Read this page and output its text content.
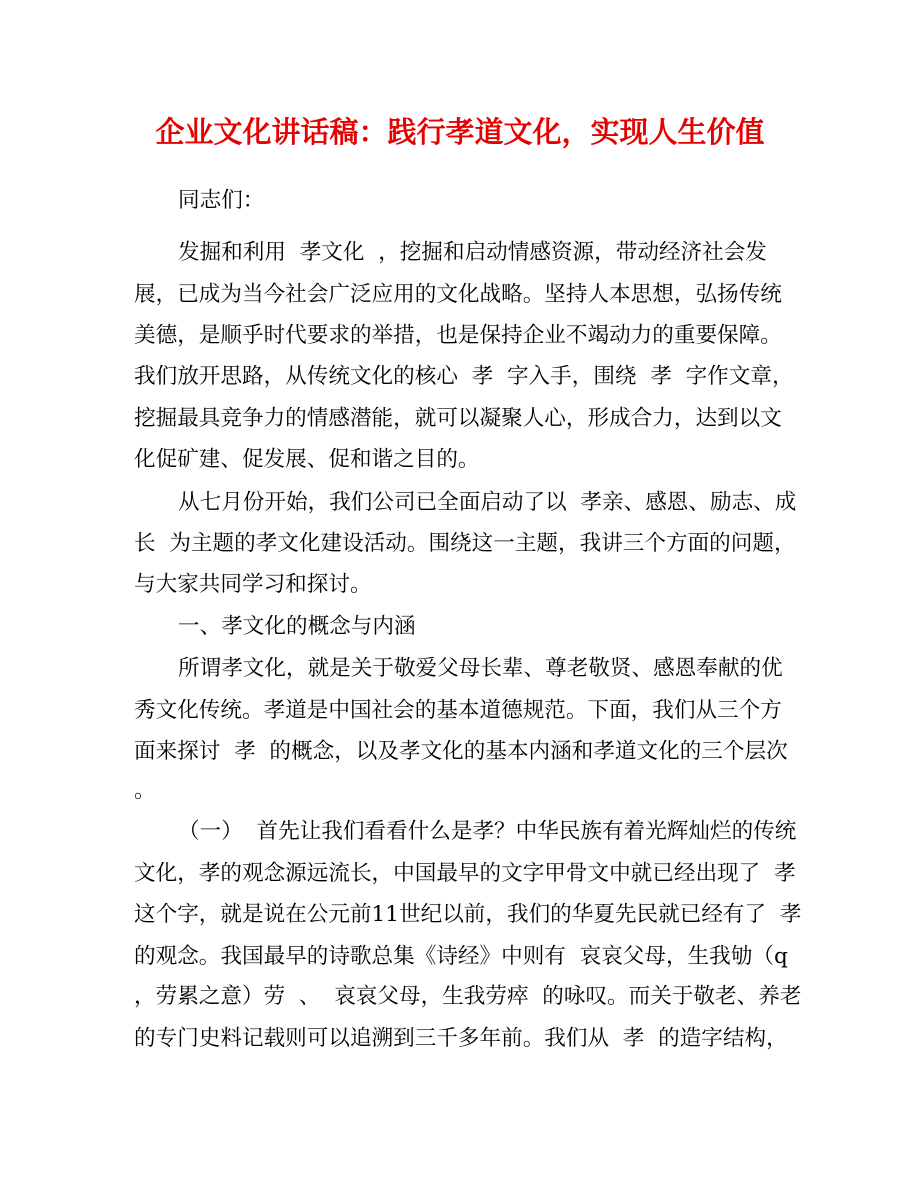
企业文化讲话稿：践行孝道文化，实现人生价值
同志们：
发掘和利用  孝文化  ，挖掘和启动情感资源，带动经济社会发
展，已成为当今社会广泛应用的文化战略。坚持人本思想，弘扬传统
美德，是顺乎时代要求的举措，也是保持企业不竭动力的重要保障。
我们放开思路，从传统文化的核心  孝  字入手，围绕  孝  字作文章，
挖掘最具竞争力的情感潜能，就可以凝聚人心，形成合力，达到以文
化促矿建、促发展、促和谐之目的。
从七月份开始，我们公司已全面启动了以  孝亲、感恩、励志、成
长  为主题的孝文化建设活动。围绕这一主题，我讲三个方面的问题，
与大家共同学习和探讨。
一、孝文化的概念与内涵
所谓孝文化，就是关于敬爱父母长辈、尊老敬贤、感恩奉献的优
秀文化传统。孝道是中国社会的基本道德规范。下面，我们从三个方
面来探讨  孝  的概念，以及孝文化的基本内涵和孝道文化的三个层次
。
（一）  首先让我们看看什么是孝？中华民族有着光辉灿烂的传统
文化，孝的观念源远流长，中国最早的文字甲骨文中就已经出现了  孝
这个字，就是说在公元前11世纪以前，我们的华夏先民就已经有了  孝
的观念。我国最早的诗歌总集《诗经》中则有  哀哀父母，生我劬（q
，劳累之意）劳  、  哀哀父母，生我劳瘁  的咏叹。而关于敬老、养老
的专门史料记载则可以追溯到三千多年前。我们从  孝  的造字结构，
